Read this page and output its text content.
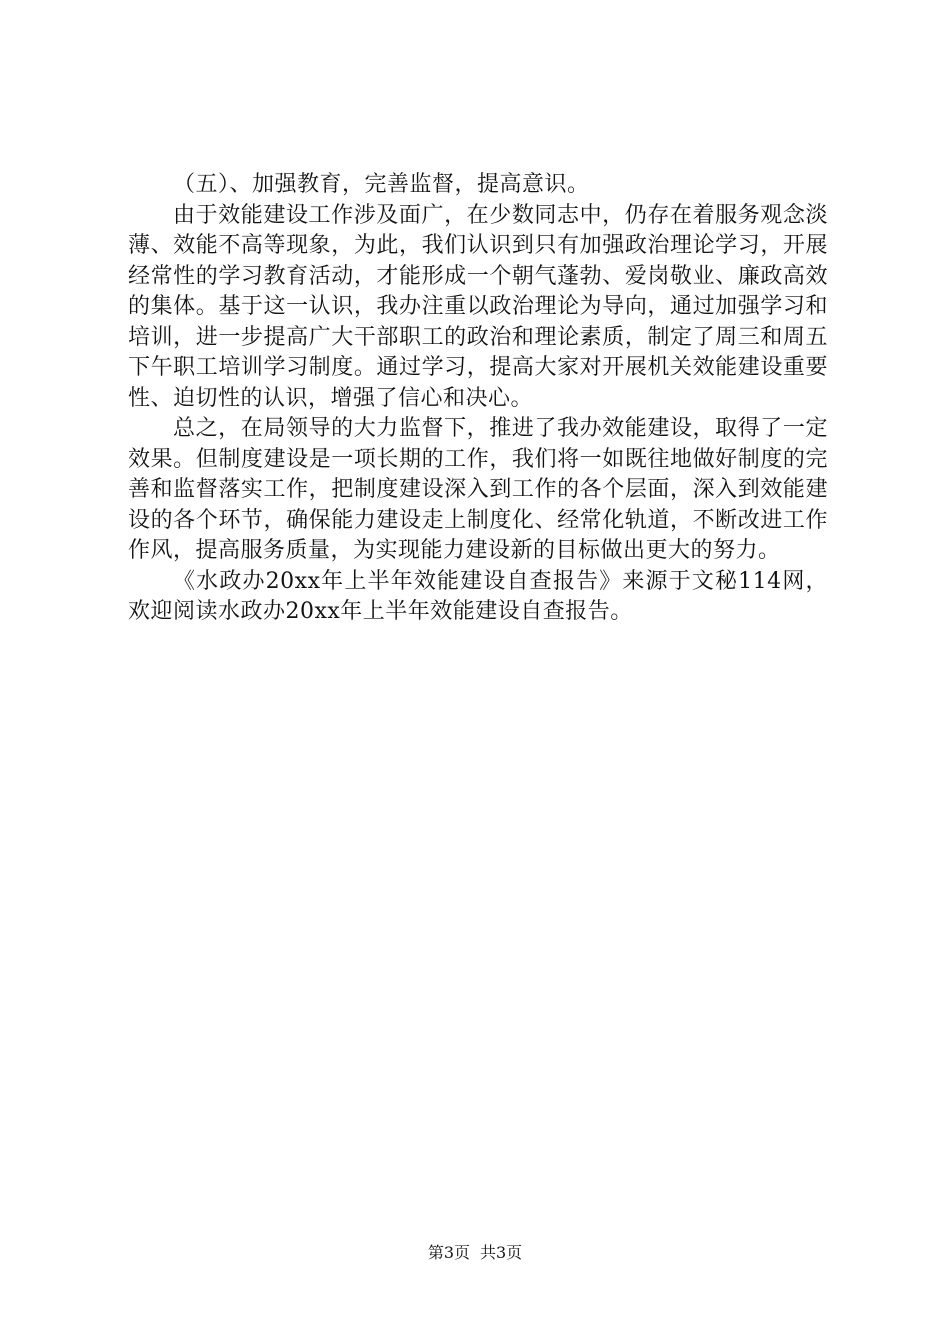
（五）、加强教育，完善监督，提高意识。

由于效能建设工作涉及面广，在少数同志中，仍存在着服务观念淡薄、效能不高等现象，为此，我们认识到只有加强政治理论学习，开展经常性的学习教育活动，才能形成一个朝气蓬勃、爱岗敬业、廉政高效的集体。基于这一认识，我办注重以政治理论为导向，通过加强学习和培训，进一步提高广大干部职工的政治和理论素质，制定了周三和周五下午职工培训学习制度。通过学习，提高大家对开展机关效能建设重要性、迫切性的认识，增强了信心和决心。

总之，在局领导的大力监督下，推进了我办效能建设，取得了一定效果。但制度建设是一项长期的工作，我们将一如既往地做好制度的完善和监督落实工作，把制度建设深入到工作的各个层面，深入到效能建设的各个环节，确保能力建设走上制度化、经常化轨道，不断改进工作作风，提高服务质量，为实现能力建设新的目标做出更大的努力。

《水政办20xx年上半年效能建设自查报告》来源于文秘114网，欢迎阅读水政办20xx年上半年效能建设自查报告。

第3页 共3页
